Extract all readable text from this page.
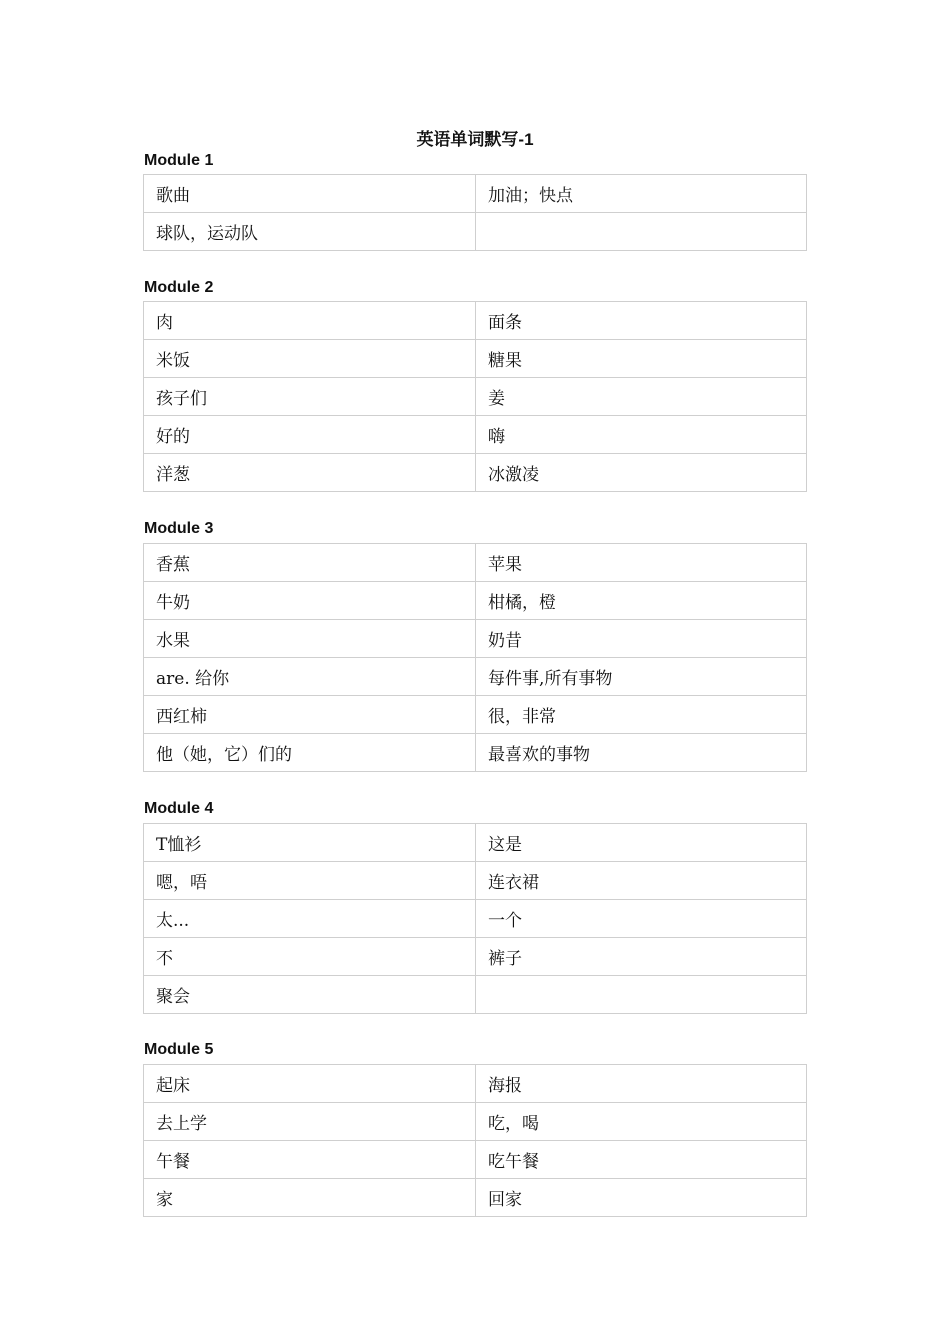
英语单词默写-1
Module 1
歌曲	加油；快点
球队，运动队	
Module 2
肉	面条
米饭	糖果
孩子们	姜
好的	嗨
洋葱	冰激凌
Module 3
香蕉	苹果
牛奶	柑橘，橙
水果	奶昔
are. 给你	每件事,所有事物
西红柿	很，非常
他（她，它）们的	最喜欢的事物
Module 4
T恤衫	这是
嗯，唔	连衣裙
太...	一个
不	裤子
聚会	
Module 5
起床	海报
去上学	吃，喝
午餐	吃午餐
家	回家
